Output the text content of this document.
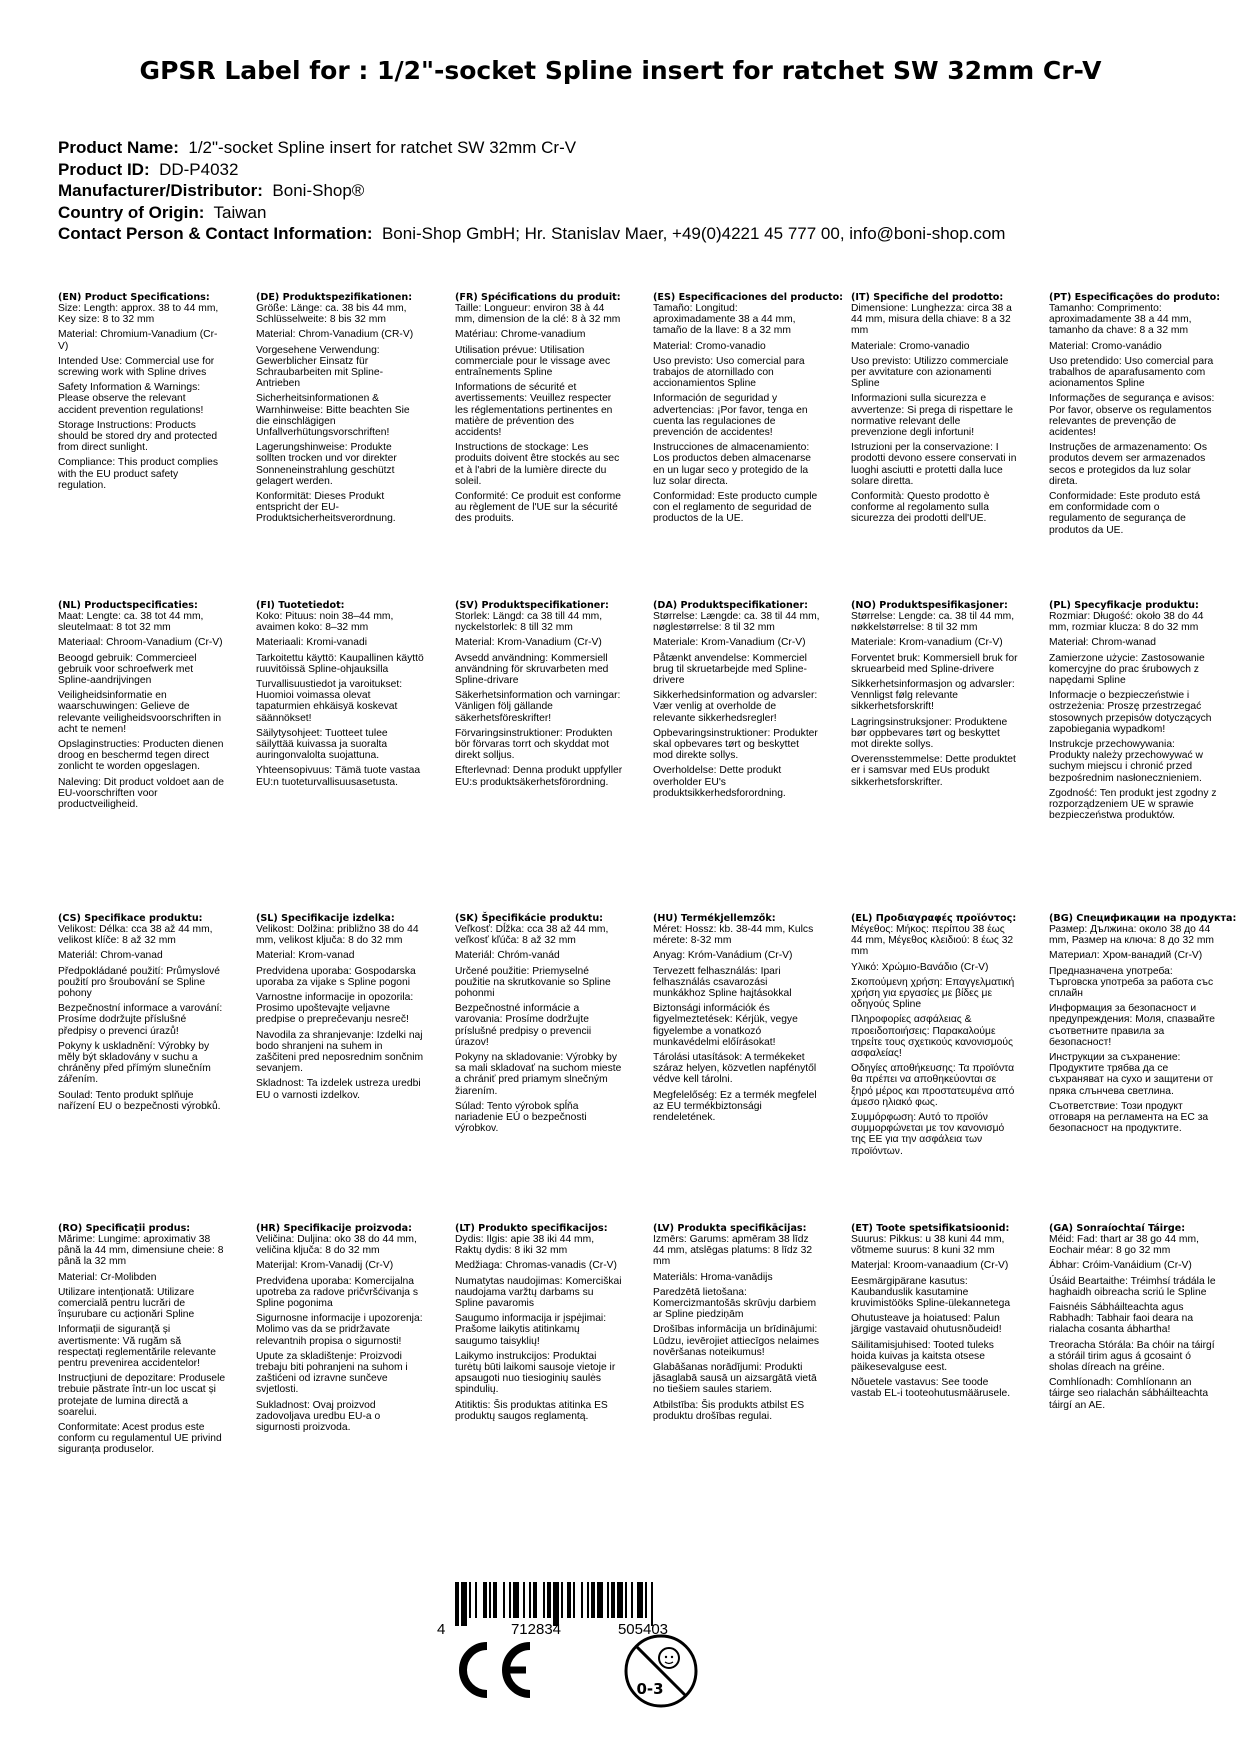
GPSR Label for : 1/2"-socket Spline insert for ratchet SW 32mm Cr-V
Product Name: 1/2"-socket Spline insert for ratchet SW 32mm Cr-V
Product ID: DD-P4032
Manufacturer/Distributor: Boni-Shop®
Country of Origin: Taiwan
Contact Person & Contact Information: Boni-Shop GmbH; Hr. Stanislav Maer, +49(0)4221 45 777 00, info@boni-shop.com
(EN) Product Specifications:

Size: Length: approx. 38 to 44 mm, Key size: 8 to 32 mm

Material: Chromium-Vanadium (Cr-V)

Intended Use: Commercial use for screwing work with Spline drives

Safety Information & Warnings: Please observe the relevant accident prevention regulations!

Storage Instructions: Products should be stored dry and protected from direct sunlight.

Compliance: This product complies with the EU product safety regulation.

(DE) Produktspezifikationen:

Größe: Länge: ca. 38 bis 44 mm, Schlüsselweite: 8 bis 32 mm

Material: Chrom-Vanadium (CR-V)

Vorgesehene Verwendung: Gewerblicher Einsatz für Schraubarbeiten mit Spline-Antrieben

Sicherheitsinformationen & Warnhinweise: Bitte beachten Sie die einschlägigen Unfallverhütungsvorschriften!

Lagerungshinweise: Produkte sollten trocken und vor direkter Sonneneinstrahlung geschützt gelagert werden.

Konformität: Dieses Produkt entspricht der EU-Produktsicherheitsverordnung.

(FR) Spécifications du produit:

Taille: Longueur: environ 38 à 44 mm, dimension de la clé: 8 à 32 mm

Matériau: Chrome-vanadium

Utilisation prévue: Utilisation commerciale pour le vissage avec entraînements Spline

Informations de sécurité et avertissements: Veuillez respecter les réglementations pertinentes en matière de prévention des accidents!

Instructions de stockage: Les produits doivent être stockés au sec et à l'abri de la lumière directe du soleil.

Conformité: Ce produit est conforme au règlement de l'UE sur la sécurité des produits.

(ES) Especificaciones del producto:

Tamaño: Longitud: aproximadamente 38 a 44 mm, tamaño de la llave: 8 a 32 mm

Material: Cromo-vanadio

Uso previsto: Uso comercial para trabajos de atornillado con accionamientos Spline

Información de seguridad y advertencias: ¡Por favor, tenga en cuenta las regulaciones de prevención de accidentes!

Instrucciones de almacenamiento: Los productos deben almacenarse en un lugar seco y protegido de la luz solar directa.

Conformidad: Este producto cumple con el reglamento de seguridad de productos de la UE.

(IT) Specifiche del prodotto:

Dimensione: Lunghezza: circa 38 a 44 mm, misura della chiave: 8 a 32 mm

Materiale: Cromo-vanadio

Uso previsto: Utilizzo commerciale per avvitature con azionamenti Spline

Informazioni sulla sicurezza e avvertenze: Si prega di rispettare le normative relevant delle prevenzione degli infortuni!

Istruzioni per la conservazione: I prodotti devono essere conservati in luoghi asciutti e protetti dalla luce solare diretta.

Conformità: Questo prodotto è conforme al regolamento sulla sicurezza dei prodotti dell'UE.

(PT) Especificações do produto:

Tamanho: Comprimento: aproximadamente 38 a 44 mm, tamanho da chave: 8 a 32 mm

Material: Cromo-vanádio

Uso pretendido: Uso comercial para trabalhos de aparafusamento com acionamentos Spline

Informações de segurança e avisos: Por favor, observe os regulamentos relevantes de prevenção de acidentes!

Instruções de armazenamento: Os produtos devem ser armazenados secos e protegidos da luz solar direta.

Conformidade: Este produto está em conformidade com o regulamento de segurança de produtos da UE.

(NL) Productspecificaties:

Maat: Lengte: ca. 38 tot 44 mm, sleutelmaat: 8 tot 32 mm

Materiaal: Chroom-Vanadium (Cr-V)

Beoogd gebruik: Commercieel gebruik voor schroefwerk met Spline-aandrijvingen

Veiligheidsinformatie en waarschuwingen: Gelieve de relevante veiligheidsvoorschriften in acht te nemen!

Opslaginstructies: Producten dienen droog en beschermd tegen direct zonlicht te worden opgeslagen.

Naleving: Dit product voldoet aan de EU-voorschriften voor productveiligheid.

(FI) Tuotetiedot:

Koko: Pituus: noin 38–44 mm, avaimen koko: 8–32 mm

Materiaali: Kromi-vanadi

Tarkoitettu käyttö: Kaupallinen käyttö ruuvitöissä Spline-ohjauksilla

Turvallisuustiedot ja varoitukset: Huomioi voimassa olevat tapaturmien ehkäisyä koskevat säännökset!

Säilytysohjeet: Tuotteet tulee säilyttää kuivassa ja suoralta auringonvalolta suojattuna.

Yhteensopivuus: Tämä tuote vastaa EU:n tuoteturvallisuusasetusta.

(SV) Produktspecifikationer:

Storlek: Längd: ca 38 till 44 mm, nyckelstorlek: 8 till 32 mm

Material: Krom-Vanadium (Cr-V)

Avsedd användning: Kommersiell användning för skruvarbeten med Spline-drivare

Säkerhetsinformation och varningar: Vänligen följ gällande säkerhetsföreskrifter!

Förvaringsinstruktioner: Produkten bör förvaras torrt och skyddat mot direkt solljus.

Efterlevnad: Denna produkt uppfyller EU:s produktsäkerhetsförordning.

(DA) Produktspecifikationer:

Størrelse: Længde: ca. 38 til 44 mm, nøglestørrelse: 8 til 32 mm

Materiale: Krom-Vanadium (Cr-V)

Påtænkt anvendelse: Kommerciel brug til skruetarbejde med Spline-drivere

Sikkerhedsinformation og advarsler: Vær venlig at overholde de relevante sikkerhedsregler!

Opbevaringsinstruktioner: Produkter skal opbevares tørt og beskyttet mod direkte sollys.

Overholdelse: Dette produkt overholder EU's produktsikkerhedsforordning.

(NO) Produktspesifikasjoner:

Størrelse: Lengde: ca. 38 til 44 mm, nøkkelstørrelse: 8 til 32 mm

Materiale: Krom-vanadium (Cr-V)

Forventet bruk: Kommersiell bruk for skruearbeid med Spline-drivere

Sikkerhetsinformasjon og advarsler: Vennligst følg relevante sikkerhetsforskrift!

Lagringsinstruksjoner: Produktene bør oppbevares tørt og beskyttet mot direkte sollys.

Overensstemmelse: Dette produktet er i samsvar med EUs produkt sikkerhetsforskrifter.

(PL) Specyfikacje produktu:

Rozmiar: Długość: około 38 do 44 mm, rozmiar klucza: 8 do 32 mm

Materiał: Chrom-wanad

Zamierzone użycie: Zastosowanie komercyjne do prac śrubowych z napędami Spline

Informacje o bezpieczeństwie i ostrzeżenia: Proszę przestrzegać stosownych przepisów dotyczących zapobiegania wypadkom!

Instrukcje przechowywania: Produkty należy przechowywać w suchym miejscu i chronić przed bezpośrednim nasłonecznieniem.

Zgodność: Ten produkt jest zgodny z rozporządzeniem UE w sprawie bezpieczeństwa produktów.

(CS) Specifikace produktu:

Velikost: Délka: cca 38 až 44 mm, velikost klíče: 8 až 32 mm

Materiál: Chrom-vanad

Předpokládané použití: Průmyslové použití pro šroubování se Spline pohony

Bezpečnostní informace a varování: Prosíme dodržujte příslušné předpisy o prevenci úrazů!

Pokyny k uskladnění: Výrobky by měly být skladovány v suchu a chráněny před přímým slunečním zářením.

Soulad: Tento produkt splňuje nařízení EU o bezpečnosti výrobků.

(SL) Specifikacije izdelka:

Velikost: Dolžina: približno 38 do 44 mm, velikost ključa: 8 do 32 mm

Material: Krom-vanad

Predvidena uporaba: Gospodarska uporaba za vijake s Spline pogoni

Varnostne informacije in opozorila: Prosimo upoštevajte veljavne predpise o preprečevanju nesreč!

Navodila za shranjevanje: Izdelki naj bodo shranjeni na suhem in zaščiteni pred neposrednim sončnim sevanjem.

Skladnost: Ta izdelek ustreza uredbi EU o varnosti izdelkov.

(SK) Špecifikácie produktu:

Veľkosť: Dĺžka: cca 38 až 44 mm, veľkosť kľúča: 8 až 32 mm

Materiál: Chróm-vanád

Určené použitie: Priemyselné použitie na skrutkovanie so Spline pohonmi

Bezpečnostné informácie a varovania: Prosíme dodržujte príslušné predpisy o prevencii úrazov!

Pokyny na skladovanie: Výrobky by sa mali skladovať na suchom mieste a chrániť pred priamym slnečným žiarením.

Súlad: Tento výrobok spĺňa nariadenie EÚ o bezpečnosti výrobkov.

(HU) Termékjellemzők:

Méret: Hossz: kb. 38-44 mm, Kulcs mérete: 8-32 mm

Anyag: Króm-Vanádium (Cr-V)

Tervezett felhasználás: Ipari felhasználás csavarozási munkákhoz Spline hajtásokkal

Biztonsági információk és figyelmeztetések: Kérjük, vegye figyelembe a vonatkozó munkavédelmi előírásokat!

Tárolási utasítások: A termékeket száraz helyen, közvetlen napfénytől védve kell tárolni.

Megfelelőség: Ez a termék megfelel az EU termékbiztonsági rendeletének.

(EL) Προδιαγραφές προϊόντος:

Μέγεθος: Μήκος: περίπου 38 έως 44 mm, Μέγεθος κλειδιού: 8 έως 32 mm

Υλικό: Χρώμιο-Βανάδιο (Cr-V)

Σκοπούμενη χρήση: Επαγγελματική χρήση για εργασίες με βίδες με οδηγούς Spline

Πληροφορίες ασφάλειας & προειδοποιήσεις: Παρακαλούμε τηρείτε τους σχετικούς κανονισμούς ασφαλείας!

Οδηγίες αποθήκευσης: Τα προϊόντα θα πρέπει να αποθηκεύονται σε ξηρό μέρος και προστατευμένα από άμεσο ηλιακό φως.

Συμμόρφωση: Αυτό το προϊόν συμμορφώνεται με τον κανονισμό της ΕΕ για την ασφάλεια των προϊόντων.

(BG) Спецификации на продукта:

Размер: Дължина: около 38 до 44 mm, Размер на ключа: 8 до 32 mm

Материал: Хром-ванадий (Cr-V)

Предназначена употреба: Търговска употреба за работа със сплайн

Информация за безопасност и предупреждения: Моля, спазвайте съответните правила за безопасност!

Инструкции за съхранение: Продуктите трябва да се съхраняват на сухо и защитени от пряка слънчева светлина.

Съответствие: Този продукт отговаря на регламента на ЕС за безопасност на продуктите.

(RO) Specificații produs:

Mărime: Lungime: aproximativ 38 până la 44 mm, dimensiune cheie: 8 până la 32 mm

Material: Cr-Molibden

Utilizare intenționată: Utilizare comercială pentru lucrări de înșurubare cu acționări Spline

Informații de siguranță și avertismente: Vă rugăm să respectați reglementările relevante pentru prevenirea accidentelor!

Instrucțiuni de depozitare: Produsele trebuie păstrate într-un loc uscat și protejate de lumina directă a soarelui.

Conformitate: Acest produs este conform cu regulamentul UE privind siguranța produselor.

(HR) Specifikacije proizvoda:

Veličina: Duljina: oko 38 do 44 mm, veličina ključa: 8 do 32 mm

Materijal: Krom-Vanadij (Cr-V)

Predviđena uporaba: Komercijalna upotreba za radove pričvršćivanja s Spline pogonima

Sigurnosne informacije i upozorenja: Molimo vas da se pridržavate relevantnih propisa o sigurnosti!

Upute za skladištenje: Proizvodi trebaju biti pohranjeni na suhom i zaštićeni od izravne sunčeve svjetlosti.

Sukladnost: Ovaj proizvod zadovoljava uredbu EU-a o sigurnosti proizvoda.

(LT) Produkto specifikacijos:

Dydis: Ilgis: apie 38 iki 44 mm, Raktų dydis: 8 iki 32 mm

Medžiaga: Chromas-vanadis (Cr-V)

Numatytas naudojimas: Komerciškai naudojama varžtų darbams su Spline pavaromis

Saugumo informacija ir įspėjimai: Prašome laikytis atitinkamų saugumo taisyklių!

Laikymo instrukcijos: Produktai turėtų būti laikomi sausoje vietoje ir apsaugoti nuo tiesioginių saulės spindulių.

Atitiktis: Šis produktas atitinka ES produktų saugos reglamentą.

(LV) Produkta specifikācijas:

Izmērs: Garums: apmēram 38 līdz 44 mm, atslēgas platums: 8 līdz 32 mm

Materiāls: Hroma-vanādijs

Paredzētā lietošana: Komercizmantošās skrūvju darbiem ar Spline piedziņām

Drošības informācija un brīdinājumi: Lūdzu, ievērojiet attiecīgos nelaimes novēršanas noteikumus!

Glabāšanas norādījumi: Produkti jāsaglabā sausā un aizsargātā vietā no tiešiem saules stariem.

Atbilstība: Šis produkts atbilst ES produktu drošības regulai.

(ET) Toote spetsifikatsioonid:

Suurus: Pikkus: u 38 kuni 44 mm, võtmeme suurus: 8 kuni 32 mm

Materjal: Kroom-vanaadium (Cr-V)

Eesmärgipärane kasutus: Kaubanduslik kasutamine kruvimistööks Spline-ülekannetega

Ohutusteave ja hoiatused: Palun järgige vastavaid ohutusnõudeid!

Säilitamisjuhised: Tooted tuleks hoida kuivas ja kaitsta otsese päikesevalguse eest.

Nõuetele vastavus: See toode vastab EL-i tooteohutusmäärusele.

(GA) Sonraíochtaí Táirge:

Méid: Fad: thart ar 38 go 44 mm, Eochair méar: 8 go 32 mm

Ábhar: Cróim-Vanáidium (Cr-V)

Úsáid Beartaithe: Tréimhsí trádála le haghaidh oibreacha scriú le Spline

Faisnéis Sábháilteachta agus Rabhadh: Tabhair faoi deara na rialacha cosanta ábhartha!

Treoracha Stórála: Ba chóir na táirgí a stóráil tirim agus á gcosaint ó sholas díreach na gréine.

Comhlíonadh: Comhlíonann an táirge seo rialachán sábháilteachta táirgí an AE.

4	712834	505403
0-3
